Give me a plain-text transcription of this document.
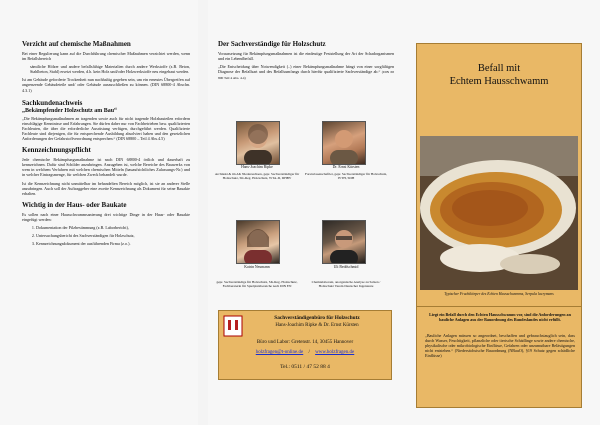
Verzicht auf chemische Maßnahmen

Bei einer Regulierung kann auf die Durchführung chemischer Maßnahmen verzichtet werden, wenn im Befallsbereich

sämtliche Hölzer und andere befallsfähige Materialien durch andere Werkstoffe (z.B. Beton, Stahlbeton, Stahl) ersetzt werden, d.h. kein Holz und/oder Holzwerkstoffe neu eingebaut werden.

Ist am Gebäude geforderte Trockenheit nun nachhaltig gegeben sein, um ein erneutes Übergreifen auf angrenzende Gebäudeteile und/ oder Gebäude auszuschließen zu können. (DIN 68800-4 Abschn. 4.3.1)

Sachkundenachweis
„Bekämpfender Holzschutz am Bau“

„Die Bekämpfungsmaßnahmen an tragenden sowie auch für nicht tragende Holzbauteilen erfordern einschlägige Kenntnisse und Erfahrungen. Sie dürfen daher nur von Fachbetrieben bzw. qualifizierten Fachleuten, die über die erforderliche Ausrüstung verfügen, durchgeführt werden. Qualifizierte Fachleute sind diejenigen, die für entsprechende Ausbildung absolviert haben und den gesetzlichen Anforderungen der Gefahrstoffverordnung entsprechen.“ (DIN 68800 – Teil 4 Abs.4.5)

Kennzeichnungspflicht

Jede chemische Bekämpfungsmaßnahme ist nach DIN 68800-4 örtlich und dauerhaft zu kennzeichnen. Dafür sind Schilder anzubringen. Anzugeben ist, welche Bereiche des Bauwerks von wem in welchem Verfahren mit welchen chemischen Mitteln (bauaufsichtliches Zulassungs-Nr.) und in welcher Eintragsmenge, für welchen Zweck behandelt wurde.

Ist die Kennzeichnung nicht unmittelbar im behandelten Bereich möglich, ist sie an anderer Stelle anzubringen. Auch soll der Auftraggeber eine zweite Kennzeichnung als Dokument für seine Bauakte erhalten.

Wichtig in der Haus- oder Baukate

Es sollen nach einer Hausschwammsanierung drei wichtige Dinge in der Haus- oder Bauakte eingefügt werden:

1. Dokumentation der Pilzbestimmung (z.B. Laborbericht),
2. Untersuchungsbericht des Sachverständigen für Holzschutz,
3. Kennzeichnungsdokument der ausführenden Firma (z.o.).
Der Sachverständige für Holzschutz

Voraussetzung für Bekämpfungsmaßnahmen ist die eindeutige Feststellung der Art der Schadorganismen und ein Lebendbefall.

„Die Entscheidung über Notwendigkeit (..) einer Bekämpfungsmaßnahme hängt von einer sorgfältigen Diagnose der Befallsart und des Befallsumfangs durch hierfür qualifizierte Sachverständige ab.“ (DIN 68 800 Teil 4 Abs. 4.4)

Hans-Joachim Ripke
Architekt & im AK Niedersachsen, gepr. Sachverständiger für Holzschutz, SK-Reg. Holzschutz, WTA-D, DHBV
Dr. Ernst Kürsten
Forstwissenschaftler, gepr. Sachverständiger für Holzschutz, IVTH, SDH
Katrin Neumann
gepr. Sachverständige für Holzschutz, SK-Reg. Holzschutz, Fachberaterin für Spielplatzbereiche nach DIN EN
Uli Beddschmid
Chemielaborant, anorganische Analyse zu Salzen / Holzschutz Verein Deutscher Ingenieure
Sachverständigenbüro für Holzschutz
Hans-Joachim Ripke & Dr. Ernst Kürsten
Büro und Labor: Gretenstr. 14, 30455 Hannover
holzfragen@t-online.de / www.holzfragen.de
Tel.: 0511 / 47 52 88 4
Befall mit
Echtem Hausschwamm
Typischer Fruchtkörper des Echten Hausschwamms, Serpula lacrymans
Liegt ein Befall durch den Echten Hausschwamm vor, sind die Anforderungen an bauliche Anlagen aus der Bauordnung des Bundeslandes nicht erfüllt.
„Bauliche Anlagen müssen so angeordnet, beschaffen und gebrauchstauglich sein, dass durch Wasser, Feuchtigkeit, pflanzliche oder tierische Schädlinge sowie andere chemische, physikalische oder mikrobiologische Einflüsse, Gefahren oder unzumutbare Belästigungen nicht entstehen.“ (Niedersächsische Bauordnung (NBauO), §19 Schutz gegen schädliche Einflüsse)
